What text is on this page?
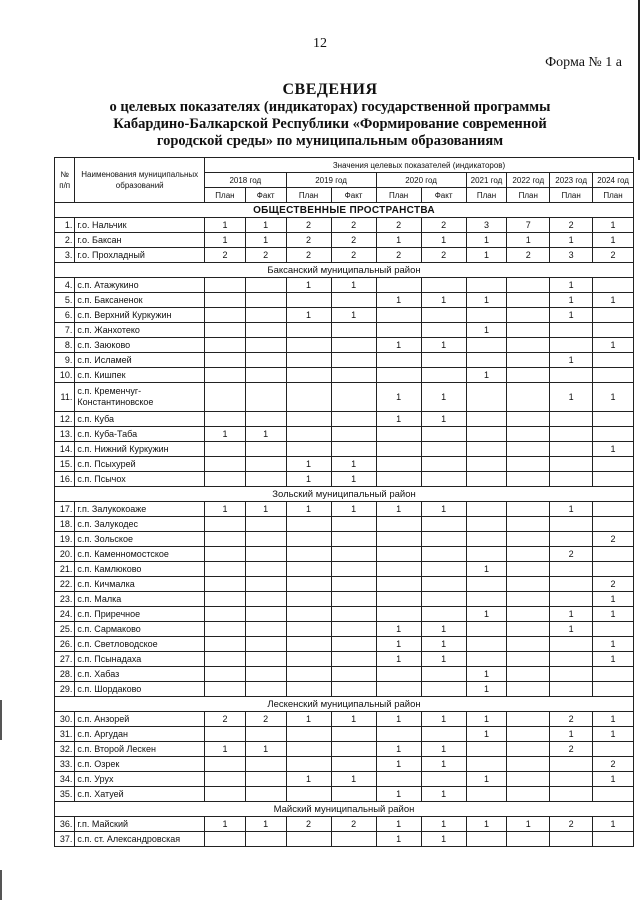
12
Форма № 1 а
СВЕДЕНИЯ
о целевых показателях (индикаторах) государственной программы
Кабардино-Балкарской Республики «Формирование современной
городской среды» по муниципальным образованиям
№ п/п	Наименования муниципальных образований	Значения целевых показателей (индикаторов)									
		2018 год		2019 год		2020 год		2021 год	2022 год	2023 год	2024 год
		План	Факт	План	Факт	План	Факт	План	План	План	План
ОБЩЕСТВЕННЫЕ ПРОСТРАНСТВА											
1.	г.о. Нальчик	1	1	2	2	2	2	3	7	2	1
2.	г.о. Баксан	1	1	2	2	1	1	1	1	1	1
3.	г.о. Прохладный	2	2	2	2	2	2	1	2	3	2
Баксанский муниципальный район											
4.	с.п. Атажукино			1	1					1	
5.	с.п. Баксаненок					1	1	1		1	1
6.	с.п. Верхний Куркужин			1	1					1	
7.	с.п. Жанхотеко							1			
8.	с.п. Заюково					1	1				1
9.	с.п. Исламей									1	
10.	с.п. Кишпек							1			
11.	с.п. Кременчуг-Константиновское					1	1			1	1
12.	с.п. Куба					1	1				
13.	с.п. Куба-Таба	1	1								
14.	с.п. Нижний Куркужин										1
15.	с.п. Псыхурей			1	1						
16.	с.п. Псычох			1	1						
Зольский муниципальный район											
17.	г.п. Залукокоаже	1	1	1	1	1	1			1	
18.	с.п. Залукодес										
19.	с.п. Зольское										2
20.	с.п. Каменномостское									2	
21.	с.п. Камлюково							1			
22.	с.п. Кичмалка										2
23.	с.п. Малка										1
24.	с.п. Приречное							1		1	1
25.	с.п. Сармаково					1	1			1	
26.	с.п. Светловодское					1	1				1
27.	с.п. Псынадаха					1	1				1
28.	с.п. Хабаз							1			
29.	с.п. Шордаково							1			
Лескенский муниципальный район											
30.	с.п. Анзорей	2	2	1	1	1	1	1		2	1
31.	с.п. Аргудан							1		1	1
32.	с.п. Второй Лескен	1	1			1	1			2	
33.	с.п. Озрек					1	1				2
34.	с.п. Урух			1	1			1			1
35.	с.п. Хатуей					1	1				
Майский муниципальный район											
36.	г.п. Майский	1	1	2	2	1	1	1	1	2	1
37.	с.п. ст. Александровская					1	1				
